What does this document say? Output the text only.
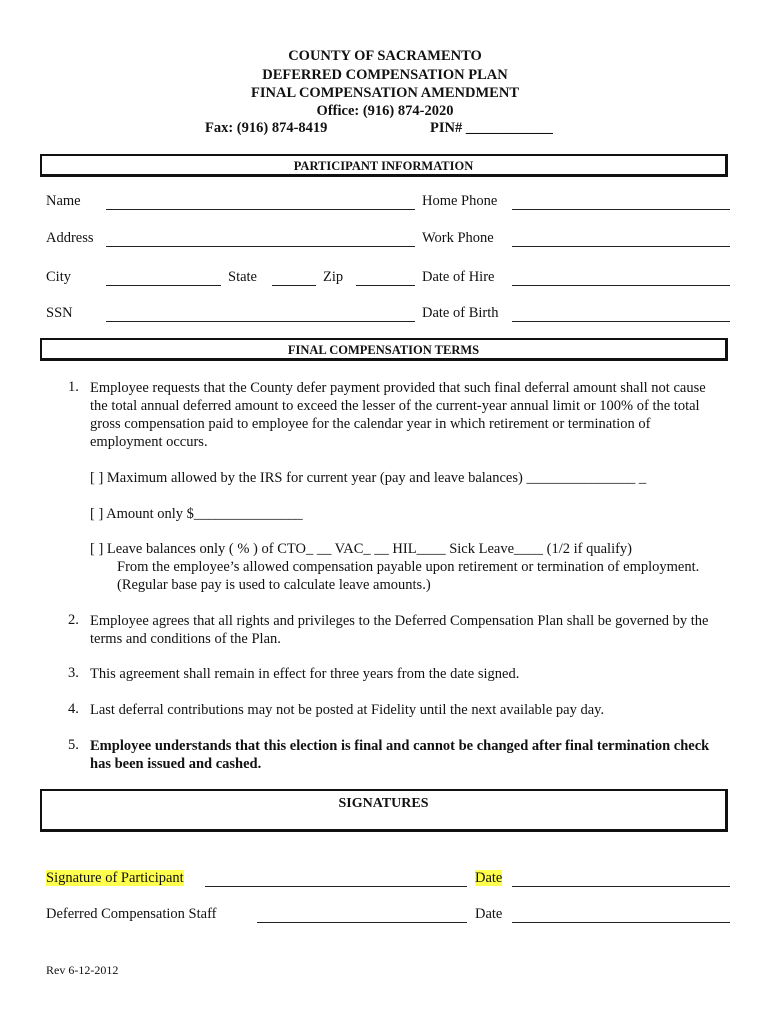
COUNTY OF SACRAMENTO
DEFERRED COMPENSATION PLAN
FINAL COMPENSATION AMENDMENT
Office: (916) 874-2020
Fax: (916) 874-8419	PIN# ____________
PARTICIPANT INFORMATION
Name	Home Phone
Address	Work Phone
City	State	Zip	Date of Hire
SSN	Date of Birth
FINAL COMPENSATION TERMS
1. Employee requests that the County defer payment provided that such final deferral amount shall not cause the total annual deferred amount to exceed the lesser of the current-year annual limit or 100% of the total gross compensation paid to employee for the calendar year in which retirement or termination of employment occurs.
[ ] Maximum allowed by the IRS for current year (pay and leave balances) _______________ _
[ ] Amount only $_______________
[ ] Leave balances only ( % ) of CTO_ __ VAC_ __ HIL____ Sick Leave____ (1/2 if qualify)
From the employee’s allowed compensation payable upon retirement or termination of employment.
(Regular base pay is used to calculate leave amounts.)
2. Employee agrees that all rights and privileges to the Deferred Compensation Plan shall be governed by the terms and conditions of the Plan.
3. This agreement shall remain in effect for three years from the date signed.
4. Last deferral contributions may not be posted at Fidelity until the next available pay day.
5. Employee understands that this election is final and cannot be changed after final termination check has been issued and cashed.
SIGNATURES
Signature of Participant	Date
Deferred Compensation Staff	Date
Rev 6-12-2012
